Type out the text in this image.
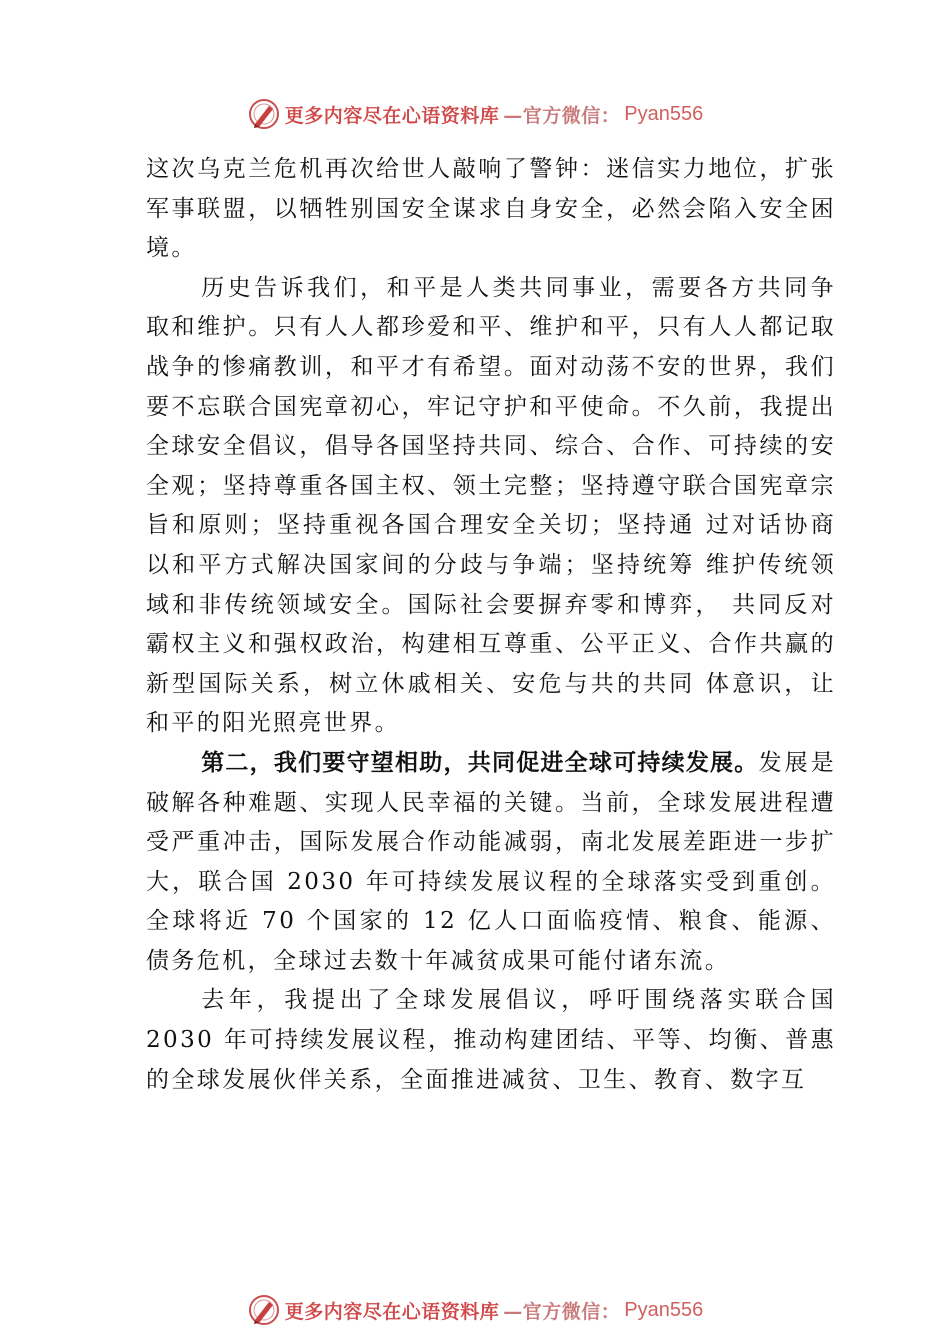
更多内容尽在心语资料库 —官方微信： Pyan556

这次乌克兰危机再次给世人敲响了警钟：迷信实力地位，扩张军事联盟，以牺牲别国安全谋求自身安全，必然会陷入安全困境。

历史告诉我们，和平是人类共同事业，需要各方共同争取和维护。只有人人都珍爱和平、维护和平，只有人人都记取战争的惨痛教训，和平才有希望。面对动荡不安的世界，我们要不忘联合国宪章初心，牢记守护和平使命。不久前，我提出全球安全倡议，倡导各国坚持共同、综合、合作、可持续的安全观；坚持尊重各国主权、领土完整；坚持遵守联合国宪章宗旨和原则；坚持重视各国合理安全关切；坚持通 过对话协商以和平方式解决国家间的分歧与争端；坚持统筹 维护传统领域和非传统领域安全。国际社会要摒弃零和博弈， 共同反对霸权主义和强权政治，构建相互尊重、公平正义、合作共赢的新型国际关系，树立休戚相关、安危与共的共同 体意识，让和平的阳光照亮世界。

第二，我们要守望相助，共同促进全球可持续发展。发展是破解各种难题、实现人民幸福的关键。当前，全球发展进程遭受严重冲击，国际发展合作动能减弱，南北发展差距进一步扩大，联合国 2030 年可持续发展议程的全球落实受到重创。全球将近 70 个国家的 12 亿人口面临疫情、粮食、能源、债务危机，全球过去数十年减贫成果可能付诸东流。

去年，我提出了全球发展倡议，呼吁围绕落实联合国 2030 年可持续发展议程，推动构建团结、平等、均衡、普惠的全球发展伙伴关系，全面推进减贫、卫生、教育、数字互

更多内容尽在心语资料库 —官方微信： Pyan556
